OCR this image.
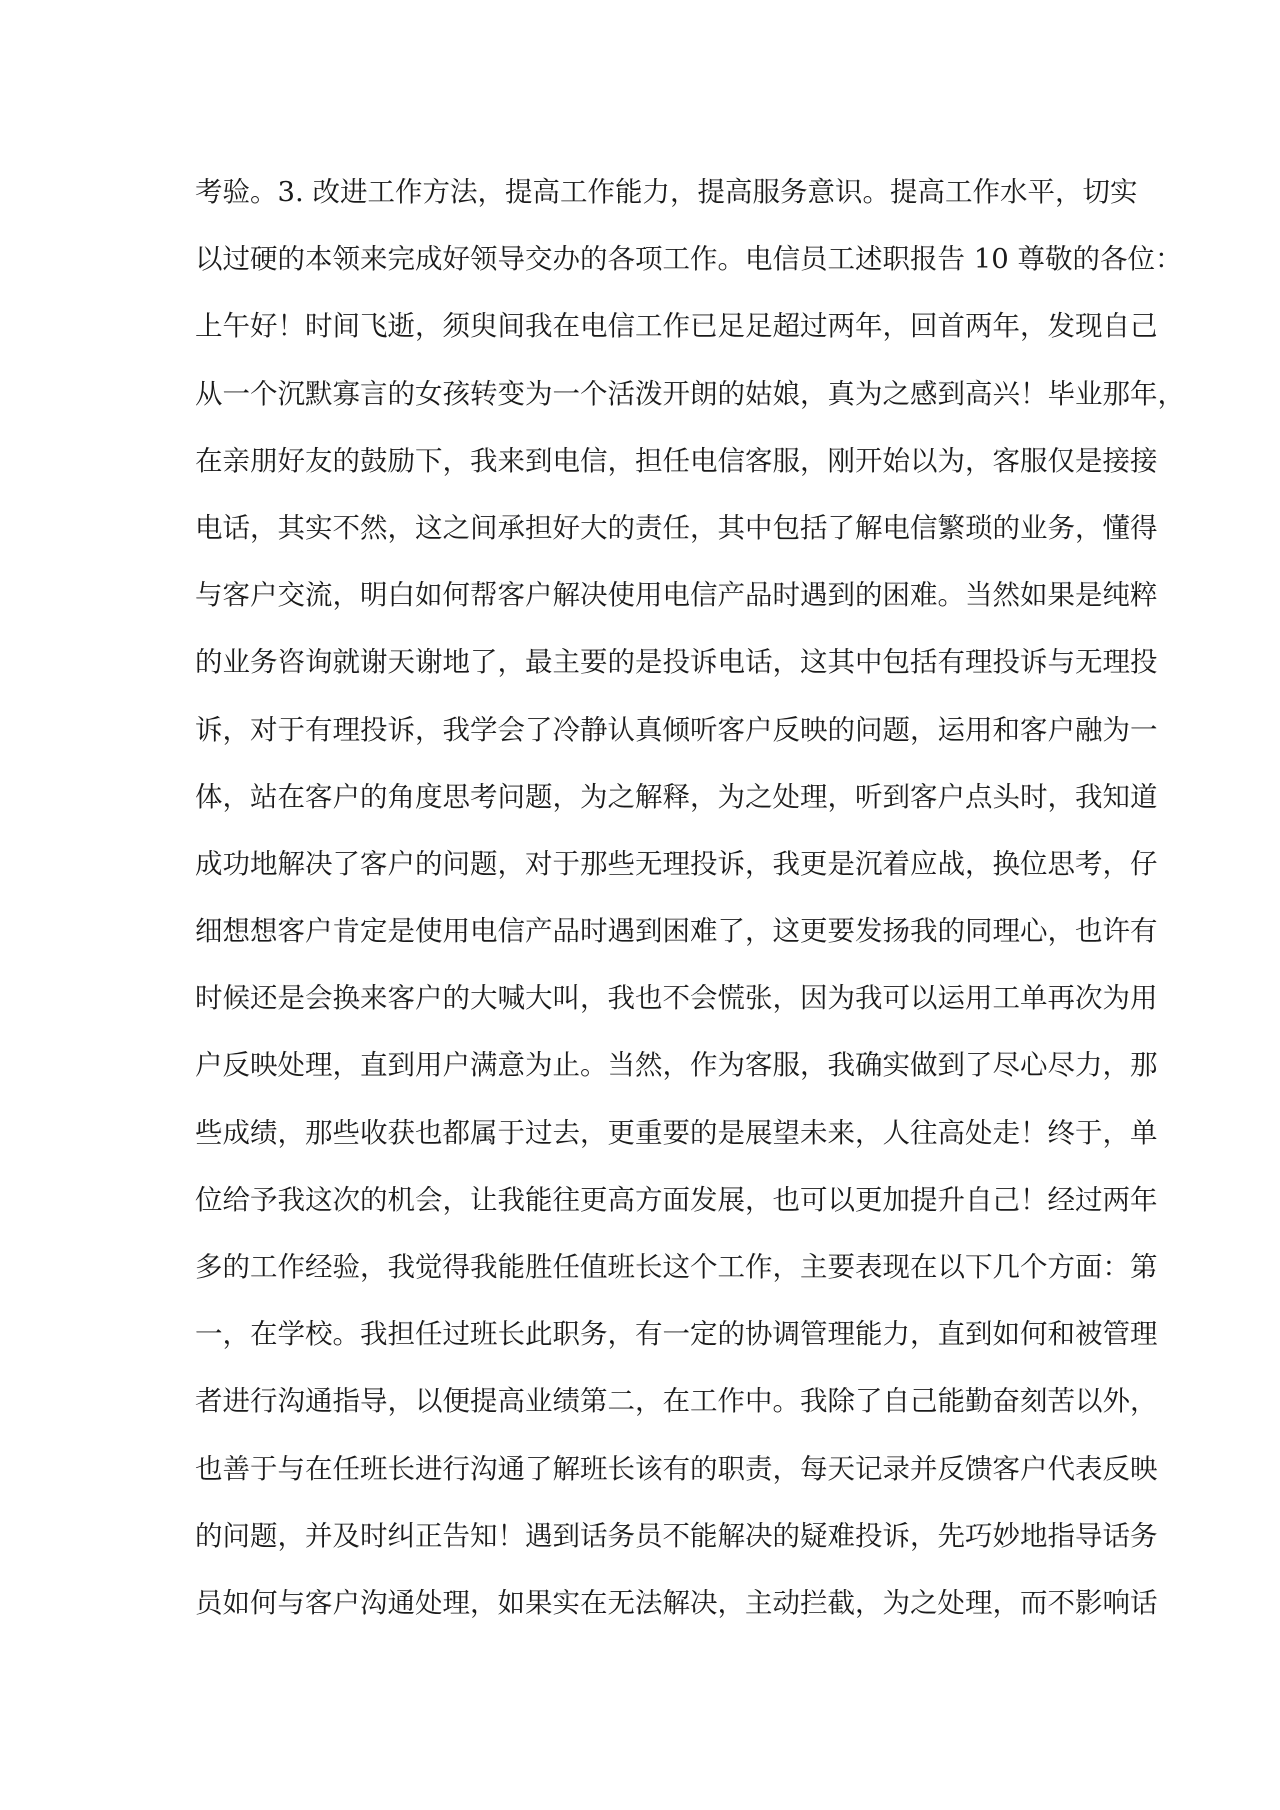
考验。3. 改进工作方法，提高工作能力，提高服务意识。提高工作水平，切实
以过硬的本领来完成好领导交办的各项工作。电信员工述职报告 10 尊敬的各位：
上午好！时间飞逝，须臾间我在电信工作已足足超过两年，回首两年，发现自己
从一个沉默寡言的女孩转变为一个活泼开朗的姑娘，真为之感到高兴！毕业那年，
在亲朋好友的鼓励下，我来到电信，担任电信客服，刚开始以为，客服仅是接接
电话，其实不然，这之间承担好大的责任，其中包括了解电信繁琐的业务，懂得
与客户交流，明白如何帮客户解决使用电信产品时遇到的困难。当然如果是纯粹
的业务咨询就谢天谢地了，最主要的是投诉电话，这其中包括有理投诉与无理投
诉，对于有理投诉，我学会了冷静认真倾听客户反映的问题，运用和客户融为一
体，站在客户的角度思考问题，为之解释，为之处理，听到客户点头时，我知道
成功地解决了客户的问题，对于那些无理投诉，我更是沉着应战，换位思考，仔
细想想客户肯定是使用电信产品时遇到困难了，这更要发扬我的同理心，也许有
时候还是会换来客户的大喊大叫，我也不会慌张，因为我可以运用工单再次为用
户反映处理，直到用户满意为止。当然，作为客服，我确实做到了尽心尽力，那
些成绩，那些收获也都属于过去，更重要的是展望未来，人往高处走！终于，单
位给予我这次的机会，让我能往更高方面发展，也可以更加提升自己！经过两年
多的工作经验，我觉得我能胜任值班长这个工作，主要表现在以下几个方面：第
一，在学校。我担任过班长此职务，有一定的协调管理能力，直到如何和被管理
者进行沟通指导，以便提高业绩第二，在工作中。我除了自己能勤奋刻苦以外，
也善于与在任班长进行沟通了解班长该有的职责，每天记录并反馈客户代表反映
的问题，并及时纠正告知！遇到话务员不能解决的疑难投诉，先巧妙地指导话务
员如何与客户沟通处理，如果实在无法解决，主动拦截，为之处理，而不影响话
